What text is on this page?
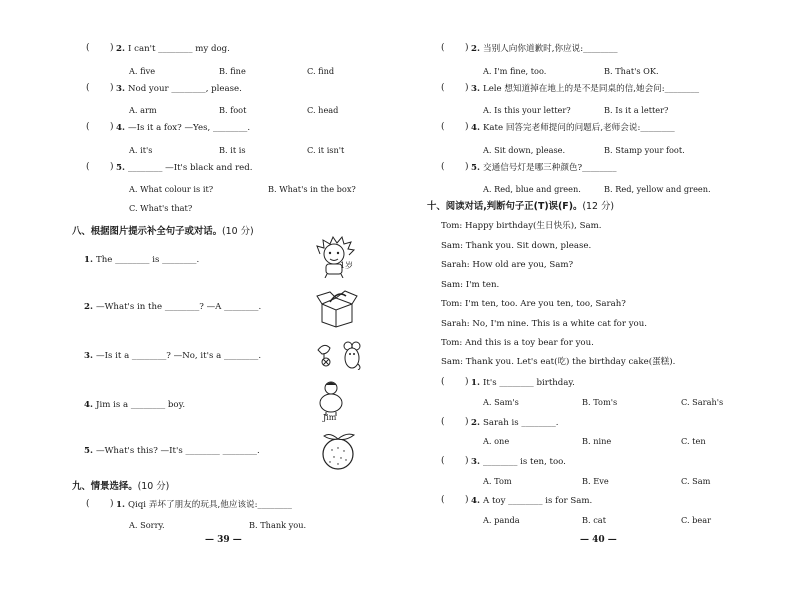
( ) 2. I can't ________ my dog.
A. five	B. fine	C. find
( ) 3. Nod your ________, please.
A. arm	B. foot	C. head
( ) 4. —Is it a fox? —Yes, ________.
A. it's	B. it is	C. it isn't
( ) 5. ________ —It's black and red.
A. What colour is it?	B. What's in the box?
C. What's that?
八、根据图片提示补全句子或对话。(10 分)
1. The ________ is ________.
2. —What's in the ________? —A ________.
3. —Is it a ________? —No, it's a ________.
4. Jim is a ________ boy.
5. —What's this? —It's ________ ________.
1岁
Jim
九、情景选择。(10 分)
( ) 1. Qiqi 弄坏了朋友的玩具,他应该说:________
A. Sorry.	B. Thank you.
— 39 —
( ) 2. 当别人向你道歉时,你应说:________
A. I'm fine, too.	B. That's OK.
( ) 3. Lele 想知道掉在地上的是不是同桌的信,她会问:________
A. Is this your letter?	B. Is it a letter?
( ) 4. Kate 回答完老师提问的问题后,老师会说:________
A. Sit down, please.	B. Stamp your foot.
( ) 5. 交通信号灯是哪三种颜色?________
A. Red, blue and green.	B. Red, yellow and green.
十、阅读对话,判断句子正(T)误(F)。(12 分)
Tom: Happy birthday(生日快乐), Sam.
Sam: Thank you. Sit down, please.
Sarah: How old are you, Sam?
Sam: I'm ten.
Tom: I'm ten, too. Are you ten, too, Sarah?
Sarah: No, I'm nine. This is a white cat for you.
Tom: And this is a toy bear for you.
Sam: Thank you. Let's eat(吃) the birthday cake(蛋糕).
( ) 1. It's ________ birthday.
A. Sam's	B. Tom's	C. Sarah's
( ) 2. Sarah is ________.
A. one	B. nine	C. ten
( ) 3. ________ is ten, too.
A. Tom	B. Eve	C. Sam
( ) 4. A toy ________ is for Sam.
A. panda	B. cat	C. bear
— 40 —
